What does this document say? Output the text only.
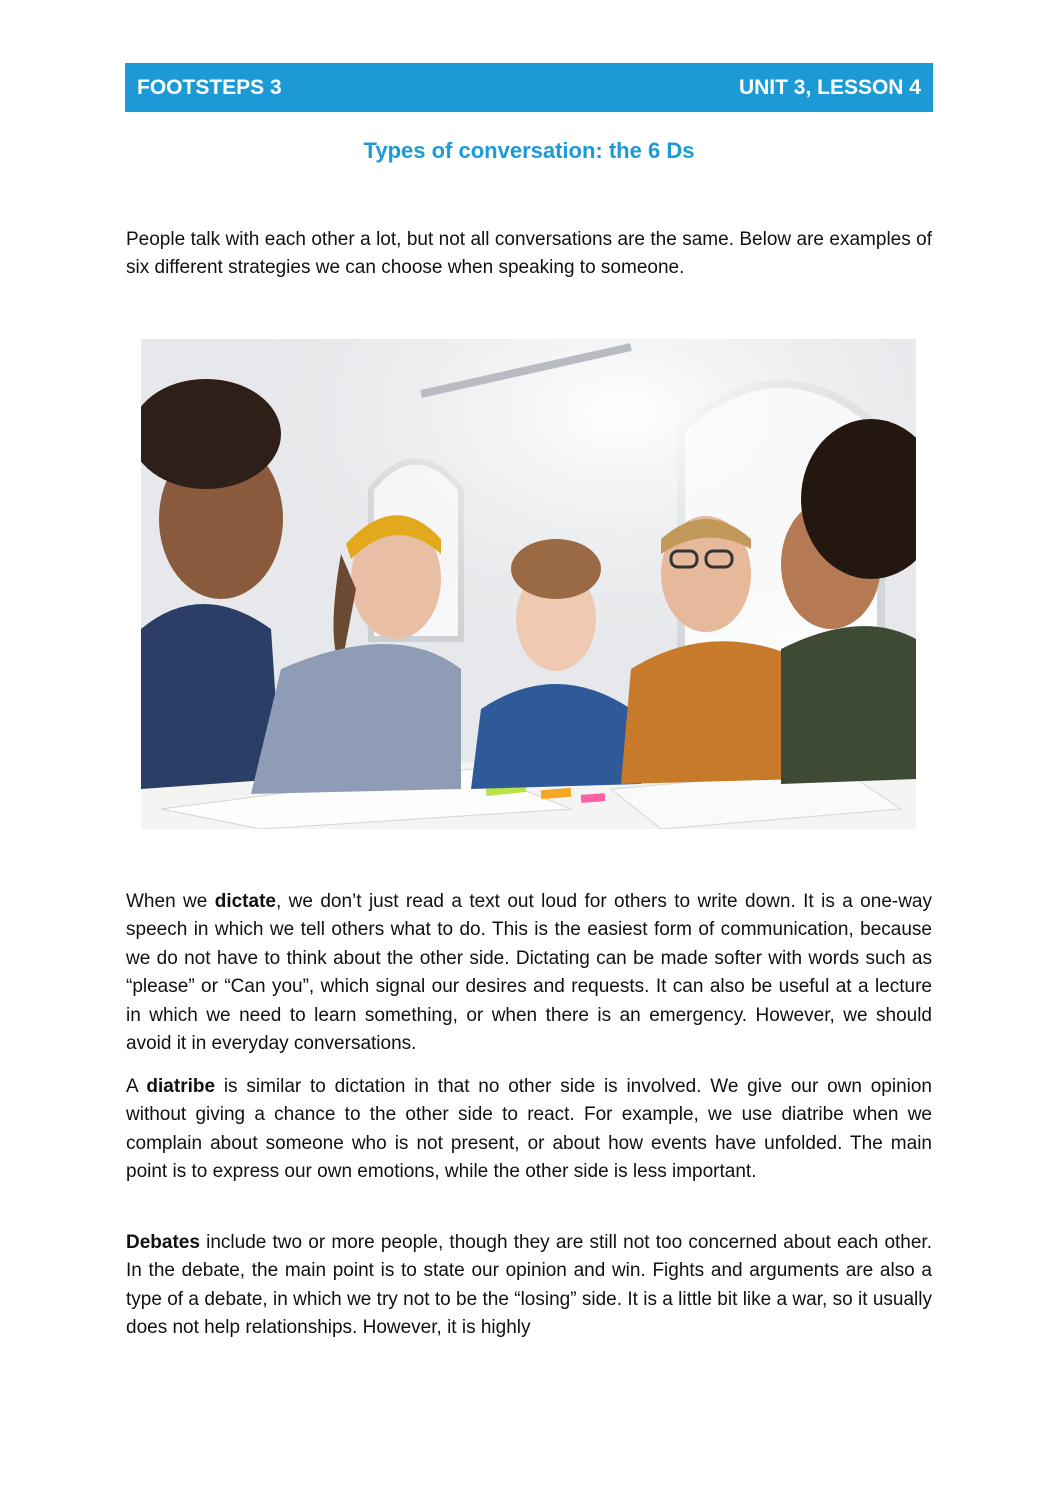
FOOTSTEPS 3	UNIT 3, LESSON 4
Types of conversation: the 6 Ds

People talk with each other a lot, but not all conversations are the same. Below are examples of six different strategies we can choose when speaking to someone.

When we dictate, we don’t just read a text out loud for others to write down. It is a one-way speech in which we tell others what to do. This is the easiest form of communication, because we do not have to think about the other side. Dictating can be made softer with words such as “please” or “Can you”, which signal our desires and requests. It can also be useful at a lecture in which we need to learn something, or when there is an emergency. However, we should avoid it in everyday conversations.

A diatribe is similar to dictation in that no other side is involved. We give our own opinion without giving a chance to the other side to react. For example, we use diatribe when we complain about someone who is not present, or about how events have unfolded. The main point is to express our own emotions, while the other side is less important.

Debates include two or more people, though they are still not too concerned about each other. In the debate, the main point is to state our opinion and win. Fights and arguments are also a type of a debate, in which we try not to be the “losing” side. It is a little bit like a war, so it usually does not help relationships. However, it is highly
